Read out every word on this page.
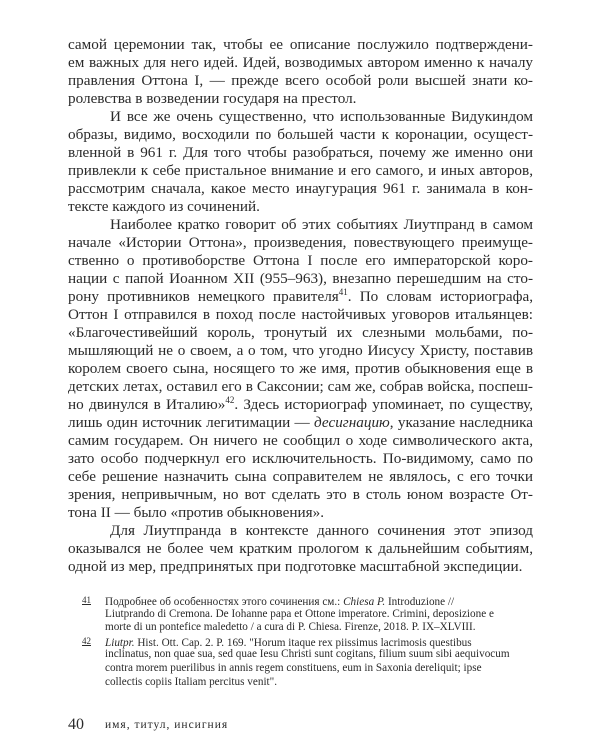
самой церемонии так, чтобы ее описание послужило подтверждени-
ем важных для него идей. Идей, возводимых автором именно к началу
правления Оттона I, — прежде всего особой роли высшей знати ко-
ролевства в возведении государя на престол.
И все же очень существенно, что использованные Видукиндом
образы, видимо, восходили по большей части к коронации, осущест-
вленной в 961 г. Для того чтобы разобраться, почему же именно они
привлекли к себе пристальное внимание и его самого, и иных авторов,
рассмотрим сначала, какое место инаугурация 961 г. занимала в кон-
тексте каждого из сочинений.
Наиболее кратко говорит об этих событиях Лиутпранд в самом
начале «Истории Оттона», произведения, повествующего преимуще-
ственно о противоборстве Оттона I после его императорской коро-
нации с папой Иоанном XII (955–963), внезапно перешедшим на сто-
рону противников немецкого правителя$^{41}$. По словам историографа,
Оттон I отправился в поход после настойчивых уговоров итальянцев:
«Благочестивейший король, тронутый их слезными мольбами, по-
мышляющий не о своем, а о том, что угодно Иисусу Христу, поставив
королем своего сына, носящего то же имя, против обыкновения еще в
детских летах, оставил его в Саксонии; сам же, собрав войска, поспеш-
но двинулся в Италию»$^{42}$. Здесь историограф упоминает, по существу,
лишь один источник легитимации — десигнацию, указание наследника
самим государем. Он ничего не сообщил о ходе символического акта,
зато особо подчеркнул его исключительность. По-видимому, само по
себе решение назначить сына соправителем не являлось, с его точки
зрения, непривычным, но вот сделать это в столь юном возрасте От-
тона II — было «против обыкновения».
Для Лиутпранда в контексте данного сочинения этот эпизод
оказывался не более чем кратким прологом к дальнейшим событиям,
одной из мер, предпринятых при подготовке масштабной экспедиции.
41 Подробнее об особенностях этого сочинения см.: Chiesa P. Introduzione //
Liutprando di Cremona. De Iohanne papa et Ottone imperatore. Crimini, deposizione e
morte di un pontefice maledetto / a cura di P. Chiesa. Firenze, 2018. P. IX–XLVIII.
42 Liutpr. Hist. Ott. Cap. 2. P. 169. "Horum itaque rex piissimus lacrimosis questibus
inclinatus, non quae sua, sed quae Iesu Christi sunt cogitans, filium suum sibi aequivocum
contra morem puerilibus in annis regem constituens, eum in Saxonia dereliquit; ipse
collectis copiis Italiam percitus venit".
40 имя, титул, инсигния
